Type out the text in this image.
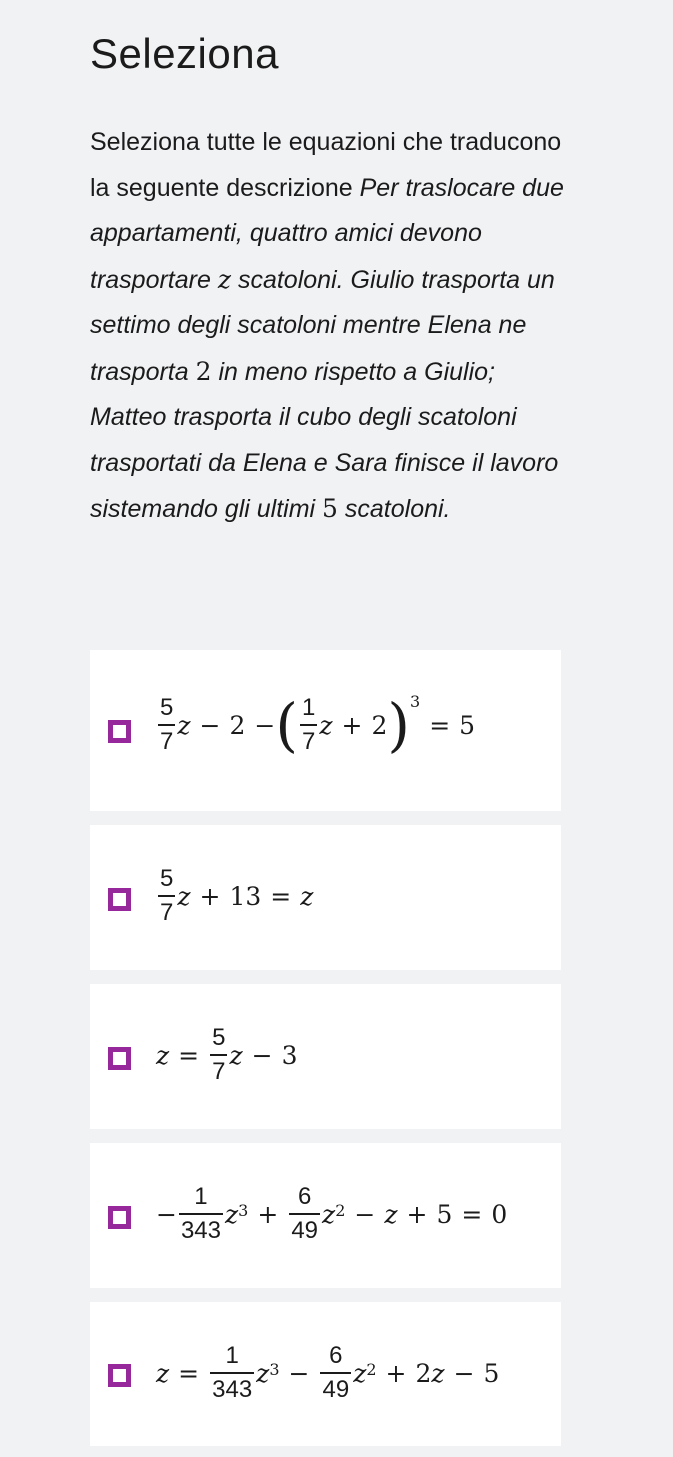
Seleziona
Seleziona tutte le equazioni che traducono la seguente descrizione Per traslocare due appartamenti, quattro amici devono trasportare z scatoloni. Giulio trasporta un settimo degli scatoloni mentre Elena ne trasporta 2 in meno rispetto a Giulio; Matteo trasporta il cubo degli scatoloni trasportati da Elena e Sara finisce il lavoro sistemando gli ultimi 5 scatoloni.
$\frac{5}{7}$ z − 2 − ( $\frac{1}{7}$ z + 2 ) 3
= 5
$\frac{5}{7}$ z + 13 = z
$z = \frac{5}{7}$ z − 3
− $\frac{1}{343} z^3 + \frac{6}{49} z^2 - z + 5 = 0$
$z = \frac{1}{343} z^3 - \frac{6}{49} z^2 + 2$ z − 5
